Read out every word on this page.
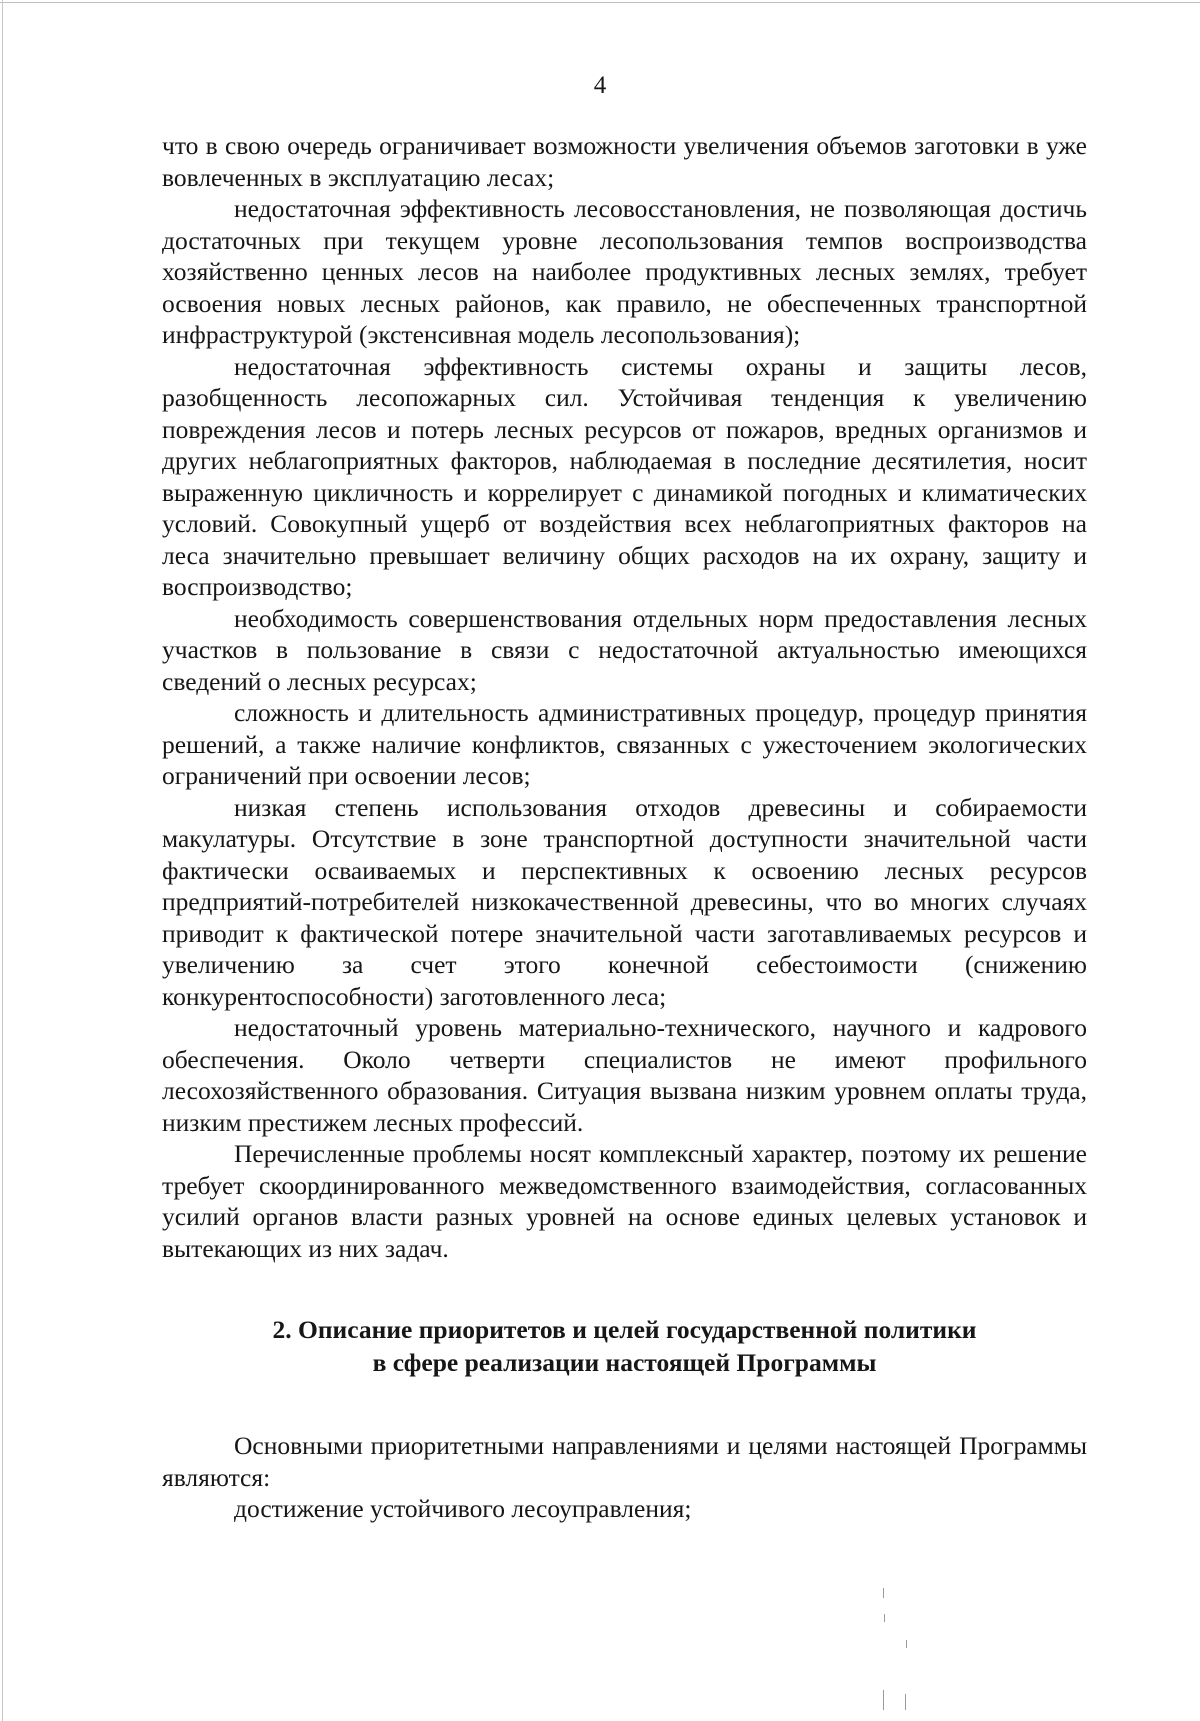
4

что в свою очередь ограничивает возможности увеличения объемов заготовки в уже вовлеченных в эксплуатацию лесах;

недостаточная эффективность лесовосстановления, не позволяющая достичь достаточных при текущем уровне лесопользования темпов воспроизводства хозяйственно ценных лесов на наиболее продуктивных лесных землях, требует освоения новых лесных районов, как правило, не обеспеченных транспортной инфраструктурой (экстенсивная модель лесопользования);

недостаточная эффективность системы охраны и защиты лесов, разобщенность лесопожарных сил. Устойчивая тенденция к увеличению повреждения лесов и потерь лесных ресурсов от пожаров, вредных организмов и других неблагоприятных факторов, наблюдаемая в последние десятилетия, носит выраженную цикличность и коррелирует с динамикой погодных и климатических условий. Совокупный ущерб от воздействия всех неблагоприятных факторов на леса значительно превышает величину общих расходов на их охрану, защиту и воспроизводство;

необходимость совершенствования отдельных норм предоставления лесных участков в пользование в связи с недостаточной актуальностью имеющихся сведений о лесных ресурсах;

сложность и длительность административных процедур, процедур принятия решений, а также наличие конфликтов, связанных с ужесточением экологических ограничений при освоении лесов;

низкая степень использования отходов древесины и собираемости макулатуры. Отсутствие в зоне транспортной доступности значительной части фактически осваиваемых и перспективных к освоению лесных ресурсов предприятий-потребителей низкокачественной древесины, что во многих случаях приводит к фактической потере значительной части заготавливаемых ресурсов и увеличению за счет этого конечной себестоимости (снижению конкурентоспособности) заготовленного леса;

недостаточный уровень материально-технического, научного и кадрового обеспечения. Около четверти специалистов не имеют профильного лесохозяйственного образования. Ситуация вызвана низким уровнем оплаты труда, низким престижем лесных профессий.

Перечисленные проблемы носят комплексный характер, поэтому их решение требует скоординированного межведомственного взаимодействия, согласованных усилий органов власти разных уровней на основе единых целевых установок и вытекающих из них задач.

2. Описание приоритетов и целей государственной политики
в сфере реализации настоящей Программы

Основными приоритетными направлениями и целями настоящей Программы являются:

достижение устойчивого лесоуправления;
